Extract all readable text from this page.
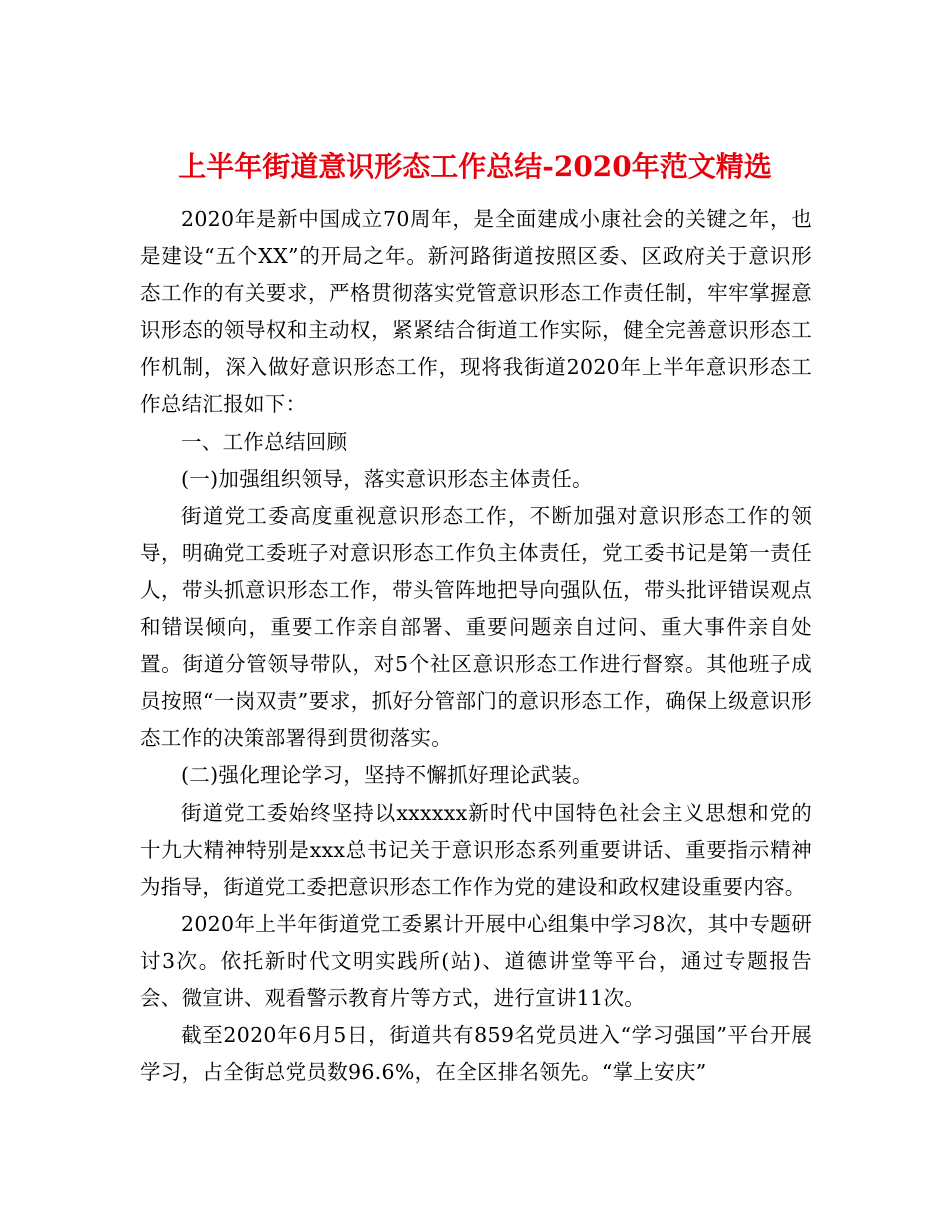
上半年街道意识形态工作总结-2020年范文精选

2020年是新中国成立70周年，是全面建成小康社会的关键之年，也是建设“五个XX”的开局之年。新河路街道按照区委、区政府关于意识形态工作的有关要求，严格贯彻落实党管意识形态工作责任制，牢牢掌握意识形态的领导权和主动权，紧紧结合街道工作实际，健全完善意识形态工作机制，深入做好意识形态工作，现将我街道2020年上半年意识形态工作总结汇报如下：

一、工作总结回顾

(一)加强组织领导，落实意识形态主体责任。

街道党工委高度重视意识形态工作，不断加强对意识形态工作的领导，明确党工委班子对意识形态工作负主体责任，党工委书记是第一责任人，带头抓意识形态工作，带头管阵地把导向强队伍，带头批评错误观点和错误倾向，重要工作亲自部署、重要问题亲自过问、重大事件亲自处置。街道分管领导带队，对5个社区意识形态工作进行督察。其他班子成员按照“一岗双责”要求，抓好分管部门的意识形态工作，确保上级意识形态工作的决策部署得到贯彻落实。

(二)强化理论学习，坚持不懈抓好理论武装。

街道党工委始终坚持以xxxxxx新时代中国特色社会主义思想和党的十九大精神特别是xxx总书记关于意识形态系列重要讲话、重要指示精神为指导，街道党工委把意识形态工作作为党的建设和政权建设重要内容。

2020年上半年街道党工委累计开展中心组集中学习8次，其中专题研讨3次。依托新时代文明实践所(站)、道德讲堂等平台，通过专题报告会、微宣讲、观看警示教育片等方式，进行宣讲11次。

截至2020年6月5日，街道共有859名党员进入“学习强国”平台开展学习，占全街总党员数96.6%，在全区排名领先。“掌上安庆”
